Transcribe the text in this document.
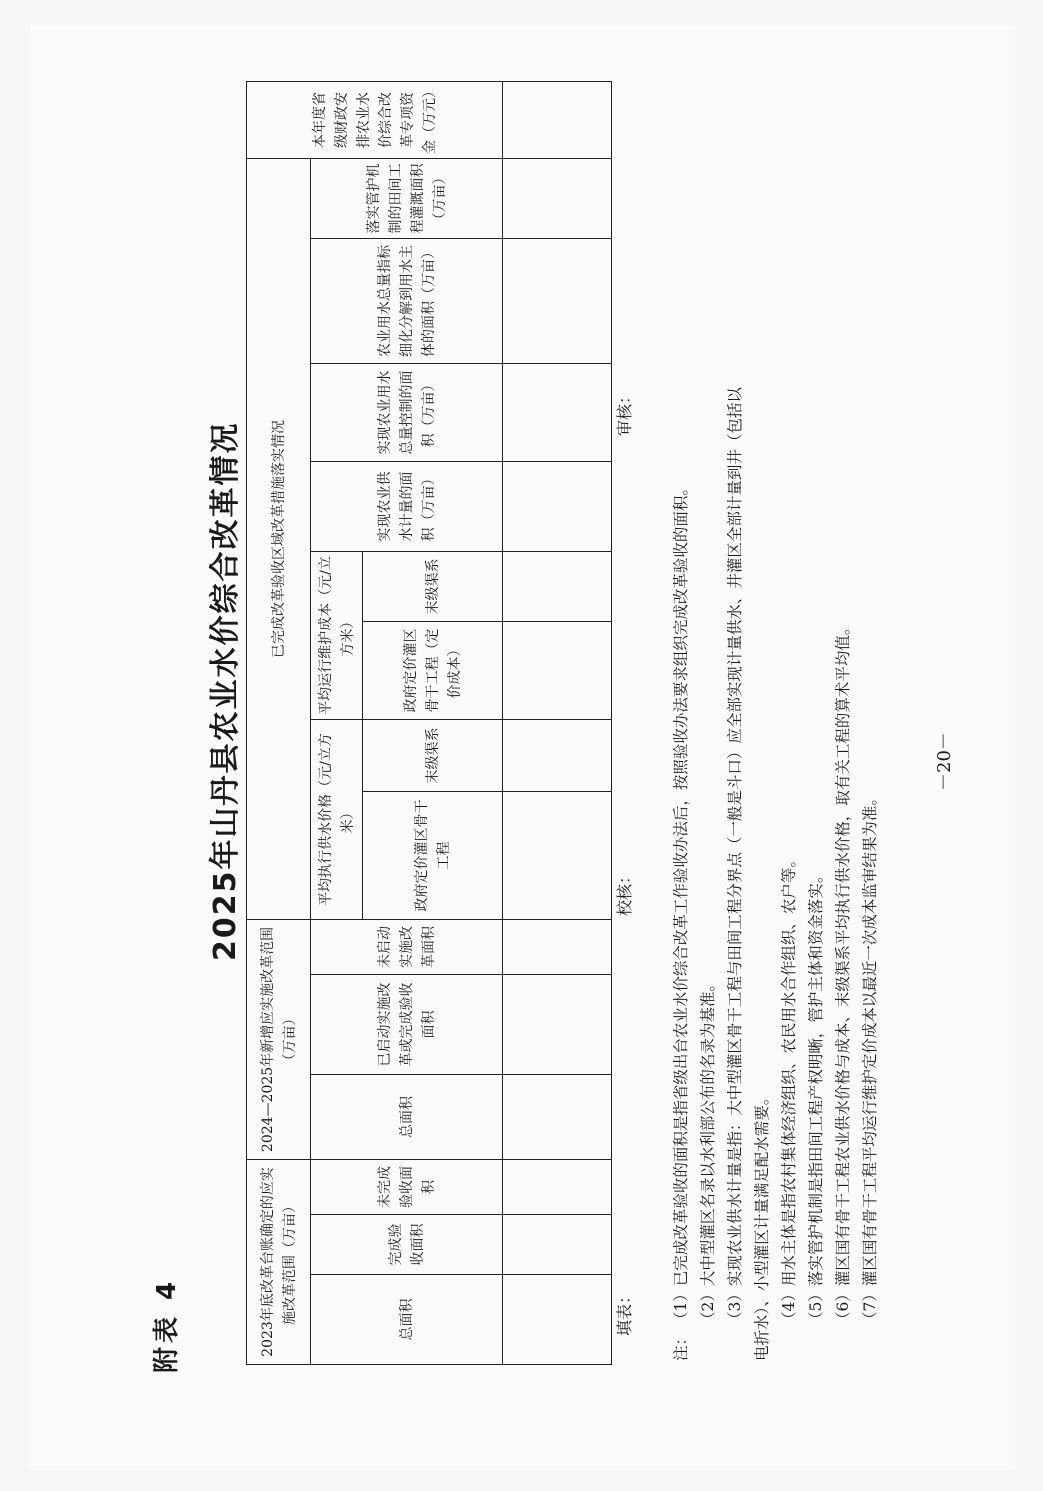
附表 4
2025年山丹县农业水价综合改革情况
2023年底改革台账确定的应实施改革范围（万亩）			2024—2025年新增应实施改革范围（万亩）			已完成改革验收区域改革措施落实情况								本年度省级财政安排农业水价综合改革专项资金（万元）
总面积	完成验收面积	未完成验收面积	总面积	已启动实施改革或完成验收面积	未启动实施改革面积	平均执行供水价格（元/立方米）		平均运行维护成本（元/立方米）		实现农业供水计量的面积（万亩）	实现农业用水总量控制的面积（万亩）	农业用水总量指标细化分解到用水主体的面积（万亩）	落实管护机制的田间工程灌溉面积（万亩）	
						政府定价灌区骨干工程	末级渠系	政府定价灌区骨干工程（定价成本）	末级渠系					

填表：
校核：
审核：
注：（1）已完成改革验收的面积是指省级出台农业水价综合改革工作验收办法后，按照验收办法要求组织完成改革验收的面积。 （2）大中型灌区名录以水利部公布的名录为基准。 （3）实现农业供水计量是指：大中型灌区骨干工程与田间工程分界点（一般是斗口）应全部实现计量供水、井灌区全部计量到井（包括以 电折水）、小型灌区计量满足配水需要。 （4）用水主体是指农村集体经济组织、农民用水合作组织、农户等。 （5）落实管护机制是指田间工程产权明晰，管护主体和资金落实。 （6）灌区国有骨干工程农业供水价格与成本、末级渠系平均执行供水价格，取有关工程的算术平均值。 （7）灌区国有骨干工程平均运行维护定价成本以最近一次成本监审结果为准。
－20－
